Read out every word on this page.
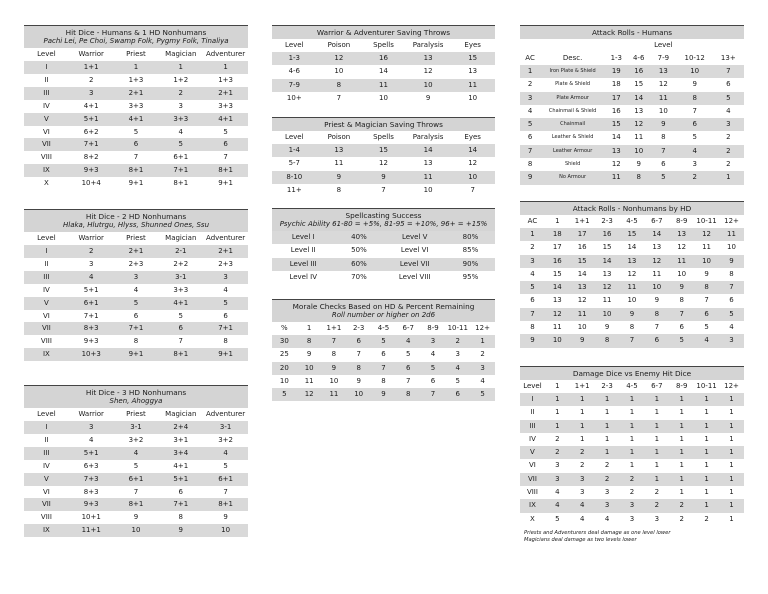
Hit Dice - Humans & 1 HD Nonhumans
Pachi Lei, Pe Choi, Swamp Folk, Pygmy Folk, Tinaliya
Level	Warrior	Priest	Magician	Adventurer
I	1+1	1	1	1
II	2	1+3	1+2	1+3
III	3	2+1	2	2+1
IV	4+1	3+3	3	3+3
V	5+1	4+1	3+3	4+1
VI	6+2	5	4	5
VII	7+1	6	5	6
VIII	8+2	7	6+1	7
IX	9+3	8+1	7+1	8+1
X	10+4	9+1	8+1	9+1
Hit Dice - 2 HD Nonhumans
Hlaka, Hlutrgu, Hlyss, Shunned Ones, Ssu
Level	Warrior	Priest	Magician	Adventurer
I	2	2+1	2-1	2+1
II	3	2+3	2+2	2+3
III	4	3	3-1	3
IV	5+1	4	3+3	4
V	6+1	5	4+1	5
VI	7+1	6	5	6
VII	8+3	7+1	6	7+1
VIII	9+3	8	7	8
IX	10+3	9+1	8+1	9+1
Hit Dice - 3 HD Nonhumans
Shen, Ahoggya
Level	Warrior	Priest	Magician	Adventurer
I	3	3-1	2+4	3-1
II	4	3+2	3+1	3+2
III	5+1	4	3+4	4
IV	6+3	5	4+1	5
V	7+3	6+1	5+1	6+1
VI	8+3	7	6	7
VII	9+3	8+1	7+1	8+1
VIII	10+1	9	8	9
IX	11+1	10	9	10
Warrior & Adventurer Saving Throws
Level	Poison	Spells	Paralysis	Eyes
1-3	12	16	13	15
4-6	10	14	12	13
7-9	8	11	10	11
10+	7	10	9	10
Priest & Magician Saving Throws
Level	Poison	Spells	Paralysis	Eyes
1-4	13	15	14	14
5-7	11	12	13	12
8-10	9	9	11	10
11+	8	7	10	7
Spellcasting Success
Psychic Ability 61-80 = +5%, 81-95 = +10%, 96+ = +15%
Level I	40%	Level V	80%
Level II	50%	Level VI	85%
Level III	60%	Level VII	90%
Level IV	70%	Level VIII	95%
Morale Checks Based on HD & Percent Remaining
Roll number or higher on 2d6
%	1	1+1	2-3	4-5	6-7	8-9	10-11	12+
30	8	7	6	5	4	3	2	1
25	9	8	7	6	5	4	3	2
20	10	9	8	7	6	5	4	3
10	11	10	9	8	7	6	5	4
5	12	11	10	9	8	7	6	5
Attack Rolls - Humans
				Level		
AC	Desc.	1-3	4-6	7-9	10-12	13+
1	Iron Plate & Shield	19	16	13	10	7
2	Plate & Shield	18	15	12	9	6
3	Plate Armour	17	14	11	8	5
4	Chainmail & Shield	16	13	10	7	4
5	Chainmail	15	12	9	6	3
6	Leather & Shield	14	11	8	5	2
7	Leather Armour	13	10	7	4	2
8	Shield	12	9	6	3	2
9	No Armour	11	8	5	2	1
Attack Rolls - Nonhumans by HD
AC	1	1+1	2-3	4-5	6-7	8-9	10-11	12+
1	18	17	16	15	14	13	12	11
2	17	16	15	14	13	12	11	10
3	16	15	14	13	12	11	10	9
4	15	14	13	12	11	10	9	8
5	14	13	12	11	10	9	8	7
6	13	12	11	10	9	8	7	6
7	12	11	10	9	8	7	6	5
8	11	10	9	8	7	6	5	4
9	10	9	8	7	6	5	4	3
Damage Dice vs Enemy Hit Dice
Level	1	1+1	2-3	4-5	6-7	8-9	10-11	12+
I	1	1	1	1	1	1	1	1
II	1	1	1	1	1	1	1	1
III	1	1	1	1	1	1	1	1
IV	2	1	1	1	1	1	1	1
V	2	2	1	1	1	1	1	1
VI	3	2	2	1	1	1	1	1
VII	3	3	2	2	1	1	1	1
VIII	4	3	3	2	2	1	1	1
IX	4	4	3	3	2	2	1	1
X	5	4	4	3	3	2	2	1
Priests and Adventurers deal damage as one level lower
Magicians deal damage as two levels lower
